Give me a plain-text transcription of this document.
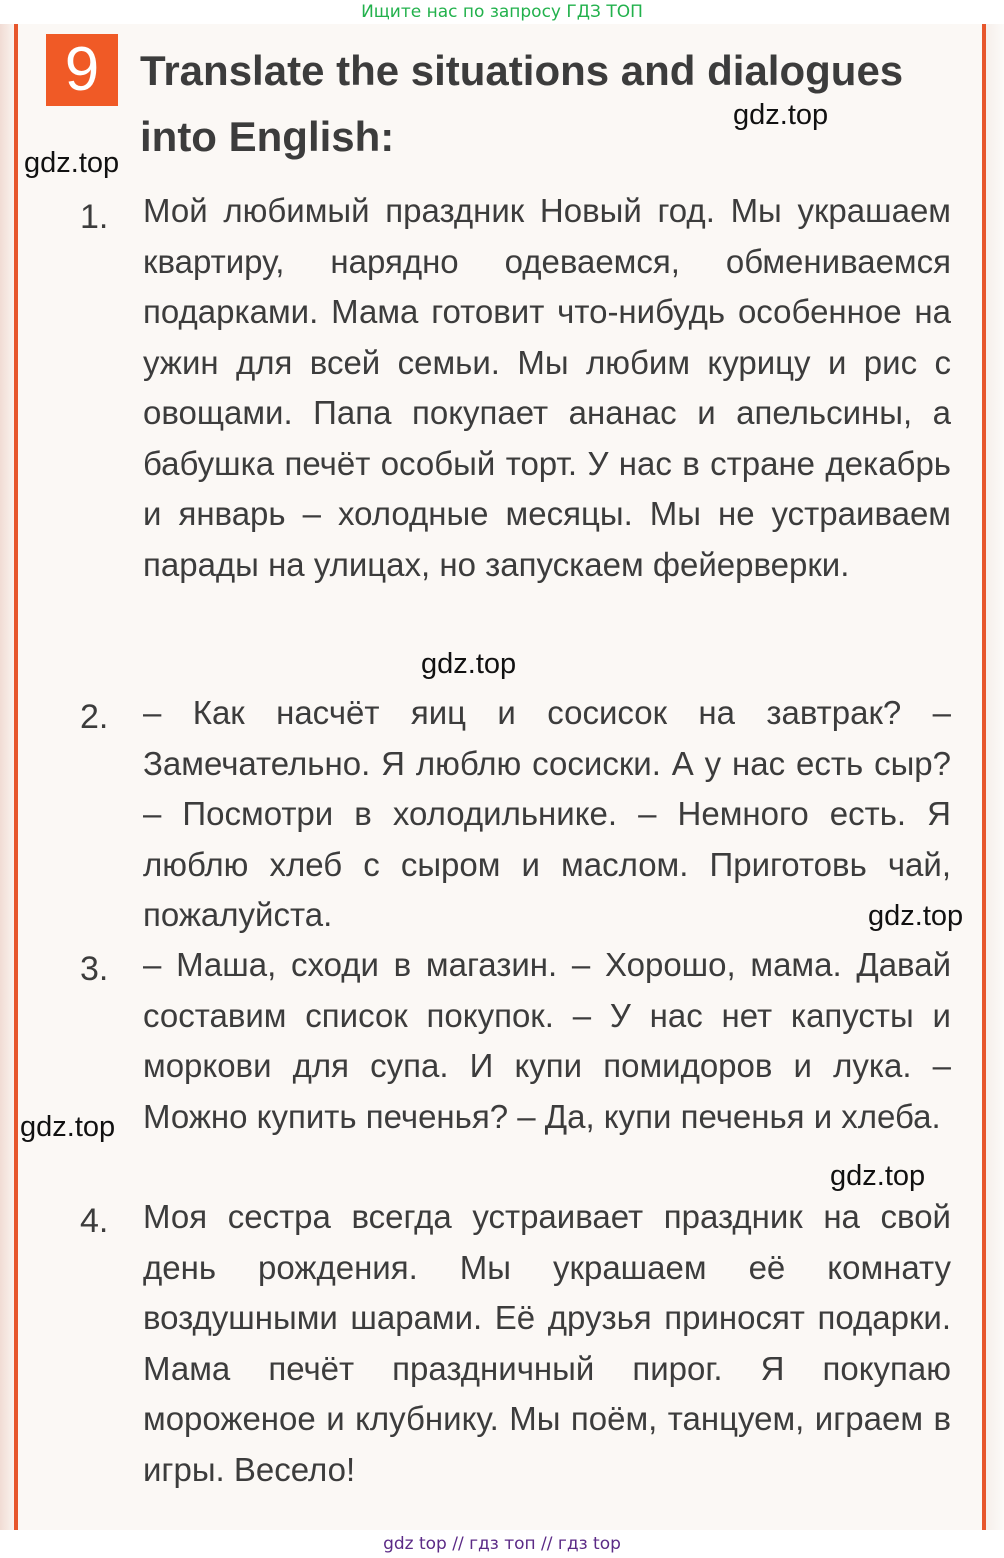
Ищите нас по запросу ГДЗ ТОП
9 Translate the situations and dialogues into English:
1.	Мой любимый праздник Новый год. Мы украшаем квартиру, нарядно одеваемся, обмениваемся подарками. Мама готовит что-нибудь особенное на ужин для всей семьи. Мы любим курицу и рис с овощами. Папа покупает ананас и апельсины, а бабушка печёт особый торт. У нас в стране декабрь и январь – холодные месяцы. Мы не устраиваем парады на улицах, но запускаем фейерверки.
2.	– Как насчёт яиц и сосисок на завтрак? – Замечательно. Я люблю сосиски. А у нас есть сыр? – Посмотри в холодильнике. – Немного есть. Я люблю хлеб с сыром и маслом. Приготовь чай, пожалуйста.
3.	– Маша, сходи в магазин. – Хорошо, мама. Давай составим список покупок. – У нас нет капусты и моркови для супа. И купи помидоров и лука. – Можно купить печенья? – Да, купи печенья и хлеба.
4.	Моя сестра всегда устраивает праздник на свой день рождения. Мы украшаем её комнату воздушными шарами. Её друзья приносят подарки. Мама печёт праздничный пирог. Я покупаю мороженое и клубнику. Мы поём, танцуем, играем в игры. Весело!
gdz.top
gdz.top
gdz.top
gdz.top
gdz.top
gdz.top
gdz top // гдз топ // гдз top
